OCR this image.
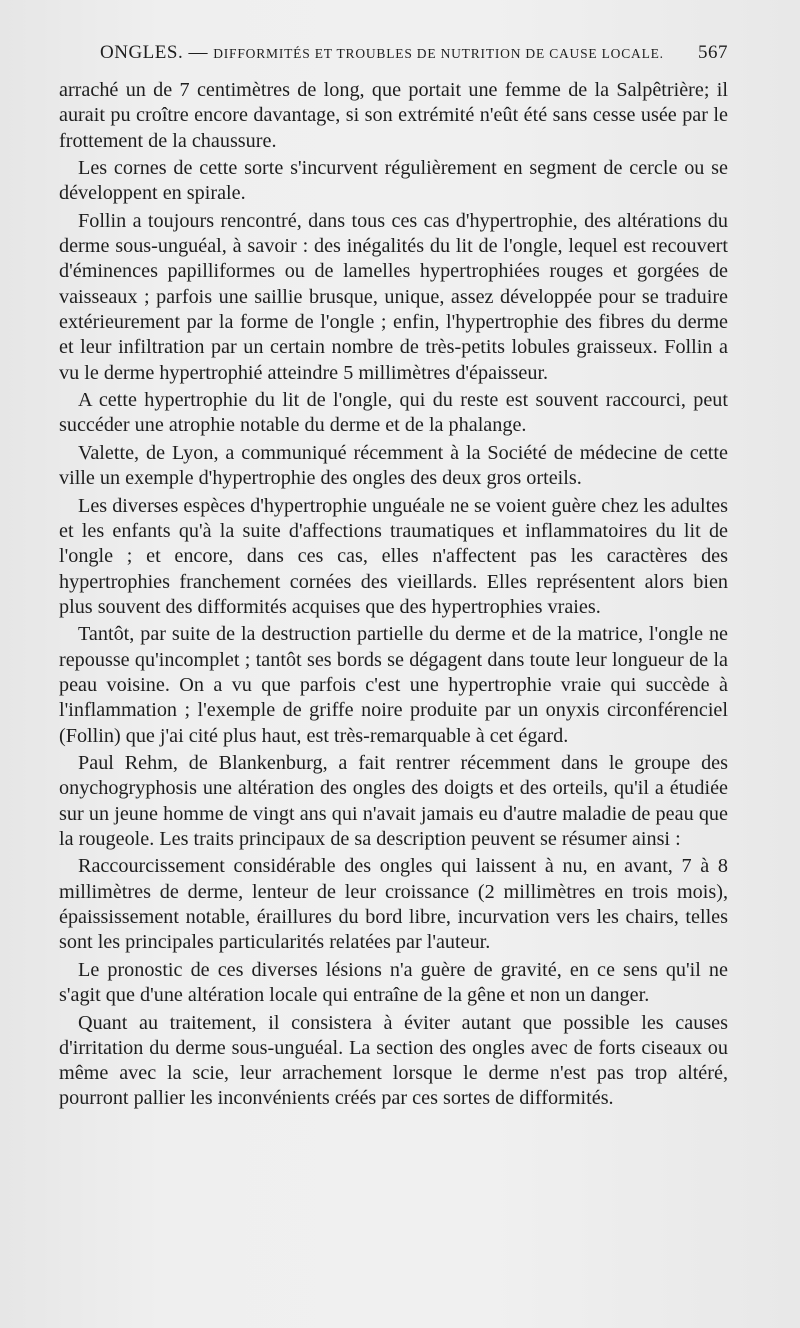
ONGLES. — DIFFORMITÉS ET TROUBLES DE NUTRITION DE CAUSE LOCALE. 567

arraché un de 7 centimètres de long, que portait une femme de la Salpêtrière; il aurait pu croître encore davantage, si son extrémité n'eût été sans cesse usée par le frottement de la chaussure.

Les cornes de cette sorte s'incurvent régulièrement en segment de cercle ou se développent en spirale.

Follin a toujours rencontré, dans tous ces cas d'hypertrophie, des altérations du derme sous-unguéal, à savoir : des inégalités du lit de l'ongle, lequel est recouvert d'éminences papilliformes ou de lamelles hypertrophiées rouges et gorgées de vaisseaux ; parfois une saillie brusque, unique, assez développée pour se traduire extérieurement par la forme de l'ongle ; enfin, l'hypertrophie des fibres du derme et leur infiltration par un certain nombre de très-petits lobules graisseux. Follin a vu le derme hypertrophié atteindre 5 millimètres d'épaisseur.

A cette hypertrophie du lit de l'ongle, qui du reste est souvent raccourci, peut succéder une atrophie notable du derme et de la phalange.

Valette, de Lyon, a communiqué récemment à la Société de médecine de cette ville un exemple d'hypertrophie des ongles des deux gros orteils.

Les diverses espèces d'hypertrophie unguéale ne se voient guère chez les adultes et les enfants qu'à la suite d'affections traumatiques et inflammatoires du lit de l'ongle ; et encore, dans ces cas, elles n'affectent pas les caractères des hypertrophies franchement cornées des vieillards. Elles représentent alors bien plus souvent des difformités acquises que des hypertrophies vraies.

Tantôt, par suite de la destruction partielle du derme et de la matrice, l'ongle ne repousse qu'incomplet ; tantôt ses bords se dégagent dans toute leur longueur de la peau voisine. On a vu que parfois c'est une hypertrophie vraie qui succède à l'inflammation ; l'exemple de griffe noire produite par un onyxis circonférenciel (Follin) que j'ai cité plus haut, est très-remarquable à cet égard.

Paul Rehm, de Blankenburg, a fait rentrer récemment dans le groupe des onychogryphosis une altération des ongles des doigts et des orteils, qu'il a étudiée sur un jeune homme de vingt ans qui n'avait jamais eu d'autre maladie de peau que la rougeole. Les traits principaux de sa description peuvent se résumer ainsi :

Raccourcissement considérable des ongles qui laissent à nu, en avant, 7 à 8 millimètres de derme, lenteur de leur croissance (2 millimètres en trois mois), épaississement notable, éraillures du bord libre, incurvation vers les chairs, telles sont les principales particularités relatées par l'auteur.

Le pronostic de ces diverses lésions n'a guère de gravité, en ce sens qu'il ne s'agit que d'une altération locale qui entraîne de la gêne et non un danger.

Quant au traitement, il consistera à éviter autant que possible les causes d'irritation du derme sous-unguéal. La section des ongles avec de forts ciseaux ou même avec la scie, leur arrachement lorsque le derme n'est pas trop altéré, pourront pallier les inconvénients créés par ces sortes de difformités.
